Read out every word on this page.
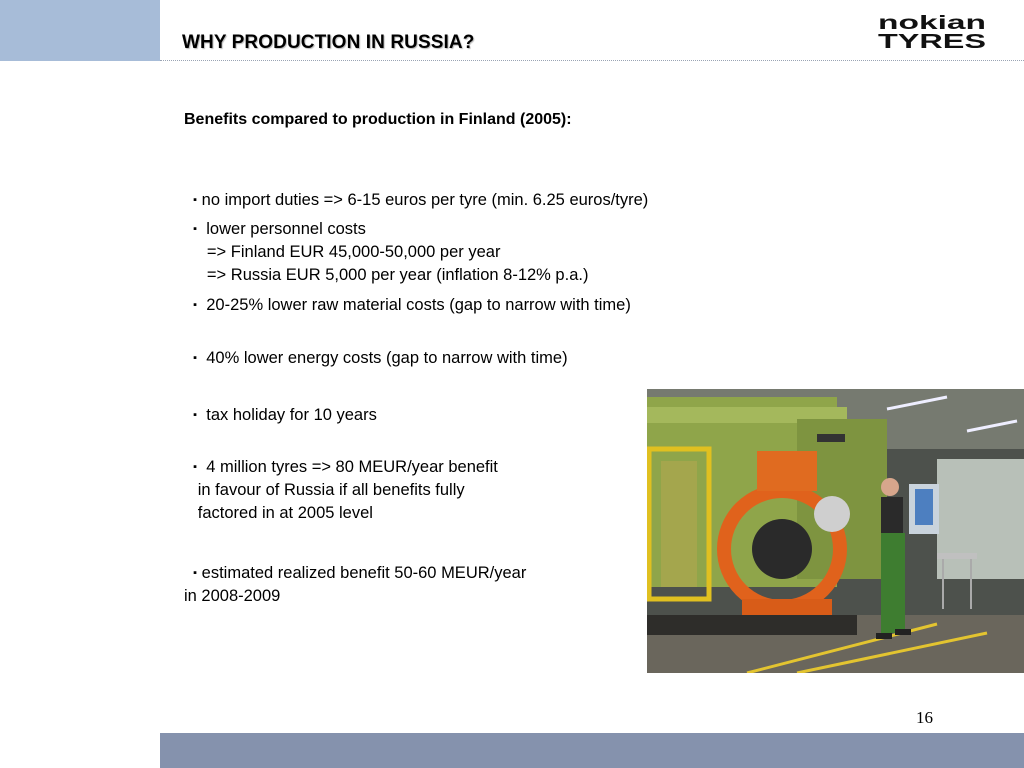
WHY PRODUCTION IN RUSSIA?
nokian
TYRES
Benefits compared to production in Finland (2005):

▪ no import duties => 6-15 euros per tyre (min. 6.25 euros/tyre)

▪  lower personnel costs
=> Finland EUR 45,000-50,000 per year
=> Russia EUR 5,000 per year (inflation 8-12% p.a.)

▪  20-25% lower raw material costs (gap to narrow with time)

▪  40% lower energy costs (gap to narrow with time)

▪  tax holiday for 10 years

▪  4 million tyres => 80 MEUR/year benefit
in favour of Russia if all benefits fully
factored in at 2005 level

▪ estimated realized benefit 50-60 MEUR/year
in 2008-2009

16
